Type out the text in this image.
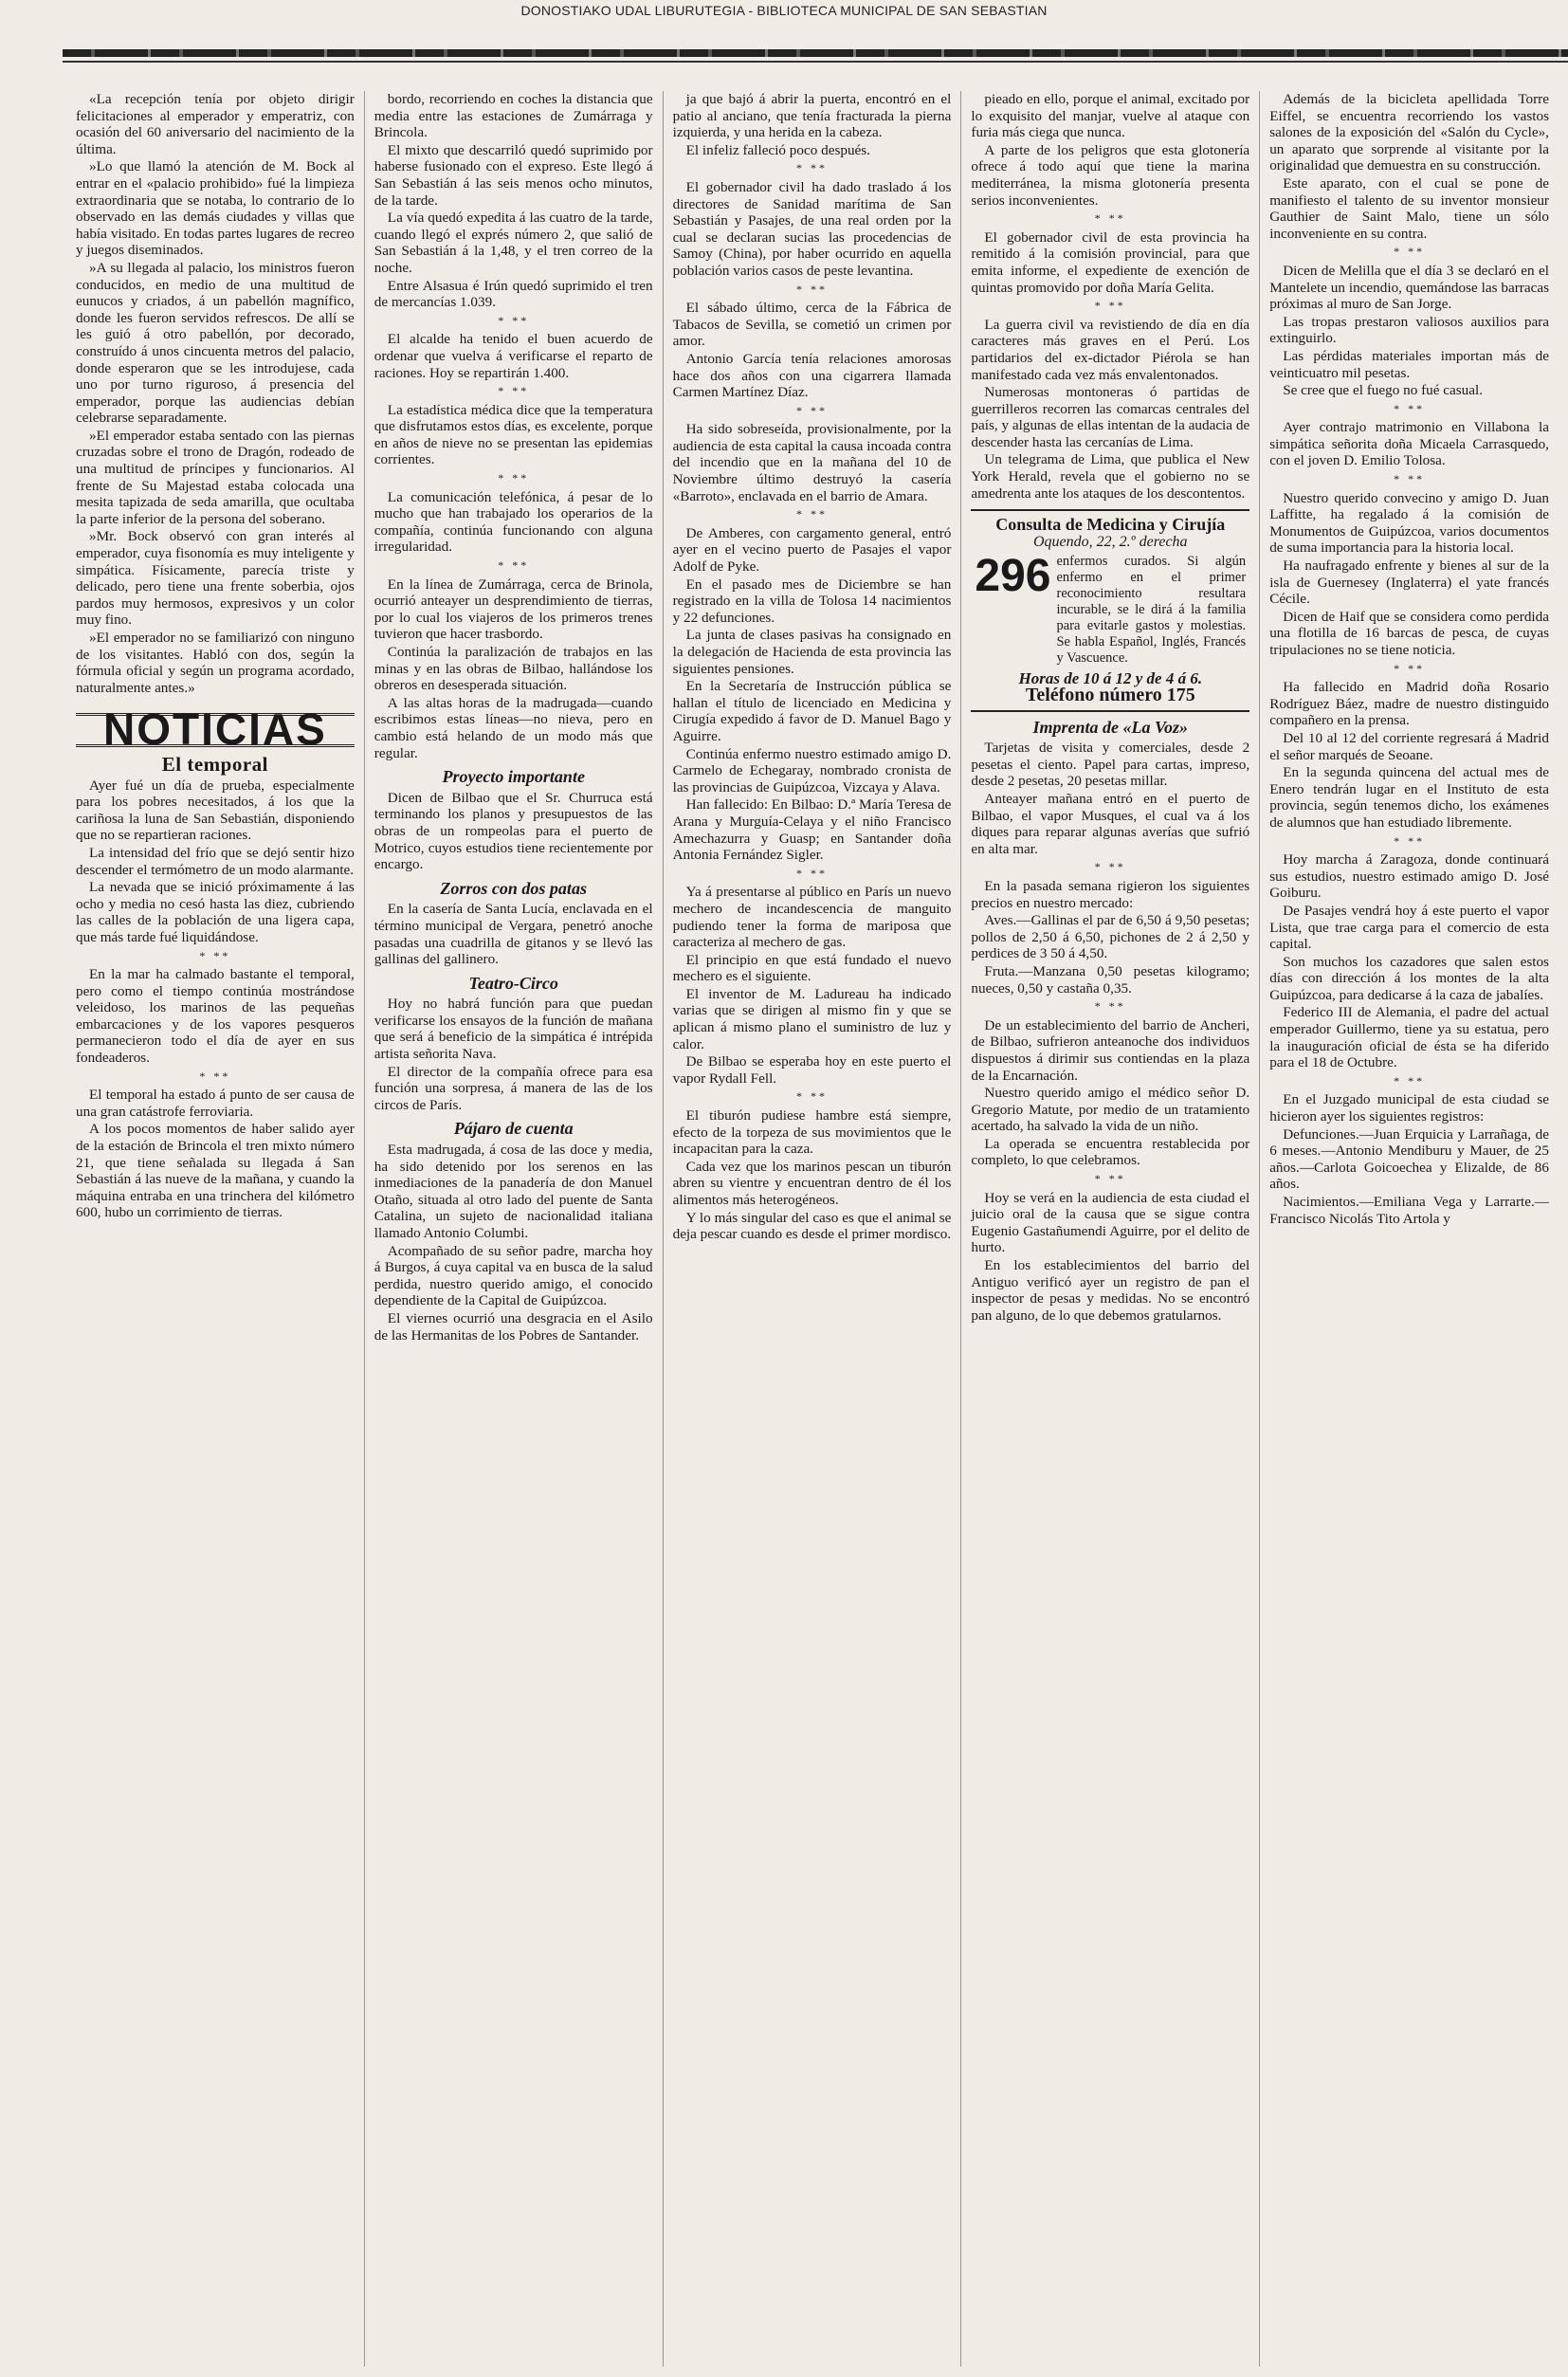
DONOSTIAKO UDAL LIBURUTEGIA - BIBLIOTECA MUNICIPAL DE SAN SEBASTIAN

«La recepción tenía por objeto dirigir felicitaciones al emperador y emperatriz, con ocasión del 60 aniversario del nacimiento de la última.

»Lo que llamó la atención de M. Bock al entrar en el «palacio prohibido» fué la limpieza extraordinaria que se notaba, lo contrario de lo observado en las demás ciudades y villas que había visitado. En todas partes lugares de recreo y juegos diseminados.

»A su llegada al palacio, los ministros fueron conducidos, en medio de una multitud de eunucos y criados, á un pabellón magnífico, donde les fueron servidos refrescos. De allí se les guió á otro pabellón, por decorado, construído á unos cincuenta metros del palacio, donde esperaron que se les introdujese, cada uno por turno riguroso, á presencia del emperador, porque las audiencias debían celebrarse separadamente.

»El emperador estaba sentado con las piernas cruzadas sobre el trono de Dragón, rodeado de una multitud de príncipes y funcionarios. Al frente de Su Majestad estaba colocada una mesita tapizada de seda amarilla, que ocultaba la parte inferior de la persona del soberano.

»Mr. Bock observó con gran interés al emperador, cuya fisonomía es muy inteligente y simpática. Físicamente, parecía triste y delicado, pero tiene una frente soberbia, ojos pardos muy hermosos, expresivos y un color muy fino.

»El emperador no se familiarizó con ninguno de los visitantes. Habló con dos, según la fórmula oficial y según un programa acordado, naturalmente antes.»

NOTICIAS
El temporal

Ayer fué un día de prueba, especialmente para los pobres necesitados, á los que la cariñosa la luna de San Sebastián, disponiendo que no se repartieran raciones.

La intensidad del frío que se dejó sentir hizo descender el termómetro de un modo alarmante.

La nevada que se inició próximamente á las ocho y media no cesó hasta las diez, cubriendo las calles de la población de una ligera capa, que más tarde fué liquidándose.

* **

En la mar ha calmado bastante el temporal, pero como el tiempo continúa mostrándose veleidoso, los marinos de las pequeñas embarcaciones y de los vapores pesqueros permanecieron todo el día de ayer en sus fondeaderos.

* **

El temporal ha estado á punto de ser causa de una gran catástrofe ferroviaria.

A los pocos momentos de haber salido ayer de la estación de Brincola el tren mixto número 21, que tiene señalada su llegada á San Sebastián á las nueve de la mañana, y cuando la máquina entraba en una trinchera del kilómetro 600, hubo un corrimiento de tierras.

bordo, recorriendo en coches la distancia que media entre las estaciones de Zumárraga y Brincola.

El mixto que descarriló quedó suprimido por haberse fusionado con el expreso. Este llegó á San Sebastián á las seis menos ocho minutos, de la tarde.

La vía quedó expedita á las cuatro de la tarde, cuando llegó el exprés número 2, que salió de San Sebastián á la 1,48, y el tren correo de la noche.

Entre Alsasua é Irún quedó suprimido el tren de mercancías 1.039.

* **

El alcalde ha tenido el buen acuerdo de ordenar que vuelva á verificarse el reparto de raciones. Hoy se repartirán 1.400.

* **

La estadística médica dice que la temperatura que disfrutamos estos días, es excelente, porque en años de nieve no se presentan las epidemias corrientes.

* **

La comunicación telefónica, á pesar de lo mucho que han trabajado los operarios de la compañía, continúa funcionando con alguna irregularidad.

* **

En la línea de Zumárraga, cerca de Brinola, ocurrió anteayer un desprendimiento de tierras, por lo cual los viajeros de los primeros trenes tuvieron que hacer trasbordo.

Continúa la paralización de trabajos en las minas y en las obras de Bilbao, hallándose los obreros en desesperada situación.

A las altas horas de la madrugada—cuando escribimos estas líneas—no nieva, pero en cambio está helando de un modo más que regular.

Proyecto importante

Dicen de Bilbao que el Sr. Churruca está terminando los planos y presupuestos de las obras de un rompeolas para el puerto de Motrico, cuyos estudios tiene recientemente por encargo.

Zorros con dos patas

En la casería de Santa Lucía, enclavada en el término municipal de Vergara, penetró anoche pasadas una cuadrilla de gitanos y se llevó las gallinas del gallinero.

Teatro-Circo

Hoy no habrá función para que puedan verificarse los ensayos de la función de mañana que será á beneficio de la simpática é intrépida artista señorita Nava.

El director de la compañía ofrece para esa función una sorpresa, á manera de las de los circos de París.

Pájaro de cuenta

Esta madrugada, á cosa de las doce y media, ha sido detenido por los serenos en las inmediaciones de la panadería de don Manuel Otaño, situada al otro lado del puente de Santa Catalina, un sujeto de nacionalidad italiana llamado Antonio Columbi.

Acompañado de su señor padre, marcha hoy á Burgos, á cuya capital va en busca de la salud perdida, nuestro querido amigo, el conocido dependiente de la Capital de Guipúzcoa.

El viernes ocurrió una desgracia en el Asilo de las Hermanitas de los Pobres de Santander.

ja que bajó á abrir la puerta, encontró en el patio al anciano, que tenía fracturada la pierna izquierda, y una herida en la cabeza.

El infeliz falleció poco después.

* **

El gobernador civil ha dado traslado á los directores de Sanidad marítima de San Sebastián y Pasajes, de una real orden por la cual se declaran sucias las procedencias de Samoy (China), por haber ocurrido en aquella población varios casos de peste levantina.

* **

El sábado último, cerca de la Fábrica de Tabacos de Sevilla, se cometió un crimen por amor.

Antonio García tenía relaciones amorosas hace dos años con una cigarrera llamada Carmen Martínez Díaz.

* **

Ha sido sobreseída, provisionalmente, por la audiencia de esta capital la causa incoada contra del incendio que en la mañana del 10 de Noviembre último destruyó la casería «Barroto», enclavada en el barrio de Amara.

* **

De Amberes, con cargamento general, entró ayer en el vecino puerto de Pasajes el vapor Adolf de Pyke.

En el pasado mes de Diciembre se han registrado en la villa de Tolosa 14 nacimientos y 22 defunciones.

La junta de clases pasivas ha consignado en la delegación de Hacienda de esta provincia las siguientes pensiones.

En la Secretaría de Instrucción pública se hallan el título de licenciado en Medicina y Cirugía expedido á favor de D. Manuel Bago y Aguirre.

Continúa enfermo nuestro estimado amigo D. Carmelo de Echegaray, nombrado cronista de las provincias de Guipúzcoa, Vizcaya y Alava.

Han fallecido: En Bilbao: D.ª María Teresa de Arana y Murguía-Celaya y el niño Francisco Amechazurra y Guasp; en Santander doña Antonia Fernández Sigler.

* **

Ya á presentarse al público en París un nuevo mechero de incandescencia de manguito pudiendo tener la forma de mariposa que caracteriza al mechero de gas.

El principio en que está fundado el nuevo mechero es el siguiente.

El inventor de M. Ladureau ha indicado varias que se dirigen al mismo fin y que se aplican á mismo plano el suministro de luz y calor.

De Bilbao se esperaba hoy en este puerto el vapor Rydall Fell.

* **

El tiburón pudiese hambre está siempre, efecto de la torpeza de sus movimientos que le incapacitan para la caza.

Cada vez que los marinos pescan un tiburón abren su vientre y encuentran dentro de él los alimentos más heterogéneos.

Y lo más singular del caso es que el animal se deja pescar cuando es desde el primer mordisco.

pieado en ello, porque el animal, excitado por lo exquisito del manjar, vuelve al ataque con furia más ciega que nunca.

A parte de los peligros que esta glotonería ofrece á todo aquí que tiene la marina mediterránea, la misma glotonería presenta serios inconvenientes.

* **

El gobernador civil de esta provincia ha remitido á la comisión provincial, para que emita informe, el expediente de exención de quintas promovido por doña María Gelita.

* **

La guerra civil va revistiendo de día en día caracteres más graves en el Perú. Los partidarios del ex-dictador Piérola se han manifestado cada vez más envalentonados.

Numerosas montoneras ó partidas de guerrilleros recorren las comarcas centrales del país, y algunas de ellas intentan de la audacia de descender hasta las cercanías de Lima.

Un telegrama de Lima, que publica el New York Herald, revela que el gobierno no se amedrenta ante los ataques de los descontentos.

Consulta de Medicina y Cirujía
Oquendo, 22, 2.º derecha
296 enfermos curados. Si algún enfermo en el primer reconocimiento resultara incurable, se le dirá á la familia para evitarle gastos y molestias. Se habla Español, Inglés, Francés y Vascuence.
Horas de 10 á 12 y de 4 á 6.
Teléfono número 175
Imprenta de «La Voz»

Tarjetas de visita y comerciales, desde 2 pesetas el ciento. Papel para cartas, impreso, desde 2 pesetas, 20 pesetas millar.

Anteayer mañana entró en el puerto de Bilbao, el vapor Musques, el cual va á los diques para reparar algunas averías que sufrió en alta mar.

* **

En la pasada semana rigieron los siguientes precios en nuestro mercado:

Aves.—Gallinas el par de 6,50 á 9,50 pesetas; pollos de 2,50 á 6,50, pichones de 2 á 2,50 y perdices de 3 50 á 4,50.

Fruta.—Manzana 0,50 pesetas kilogramo; nueces, 0,50 y castaña 0,35.

* **

De un establecimiento del barrio de Ancheri, de Bilbao, sufrieron anteanoche dos individuos dispuestos á dirimir sus contiendas en la plaza de la Encarnación.

Nuestro querido amigo el médico señor D. Gregorio Matute, por medio de un tratamiento acertado, ha salvado la vida de un niño.

La operada se encuentra restablecida por completo, lo que celebramos.

* **

Hoy se verá en la audiencia de esta ciudad el juicio oral de la causa que se sigue contra Eugenio Gastañumendi Aguirre, por el delito de hurto.

En los establecimientos del barrio del Antiguo verificó ayer un registro de pan el inspector de pesas y medidas. No se encontró pan alguno, de lo que debemos gratularnos.

Además de la bicicleta apellidada Torre Eiffel, se encuentra recorriendo los vastos salones de la exposición del «Salón du Cycle», un aparato que sorprende al visitante por la originalidad que demuestra en su construcción.

Este aparato, con el cual se pone de manifiesto el talento de su inventor monsieur Gauthier de Saint Malo, tiene un sólo inconveniente en su contra.

* **

Dicen de Melilla que el día 3 se declaró en el Mantelete un incendio, quemándose las barracas próximas al muro de San Jorge.

Las tropas prestaron valiosos auxilios para extinguirlo.

Las pérdidas materiales importan más de veinticuatro mil pesetas.

Se cree que el fuego no fué casual.

* **

Ayer contrajo matrimonio en Villabona la simpática señorita doña Micaela Carrasquedo, con el joven D. Emilio Tolosa.

* **

Nuestro querido convecino y amigo D. Juan Laffitte, ha regalado á la comisión de Monumentos de Guipúzcoa, varios documentos de suma importancia para la historia local.

Ha naufragado enfrente y bienes al sur de la isla de Guernesey (Inglaterra) el yate francés Cécile.

Dicen de Haif que se considera como perdida una flotilla de 16 barcas de pesca, de cuyas tripulaciones no se tiene noticia.

* **

Ha fallecido en Madrid doña Rosario Rodríguez Báez, madre de nuestro distinguido compañero en la prensa.

Del 10 al 12 del corriente regresará á Madrid el señor marqués de Seoane.

En la segunda quincena del actual mes de Enero tendrán lugar en el Instituto de esta provincia, según tenemos dicho, los exámenes de alumnos que han estudiado libremente.

* **

Hoy marcha á Zaragoza, donde continuará sus estudios, nuestro estimado amigo D. José Goiburu.

De Pasajes vendrá hoy á este puerto el vapor Lista, que trae carga para el comercio de esta capital.

Son muchos los cazadores que salen estos días con dirección á los montes de la alta Guipúzcoa, para dedicarse á la caza de jabalíes.

Federico III de Alemania, el padre del actual emperador Guillermo, tiene ya su estatua, pero la inauguración oficial de ésta se ha diferido para el 18 de Octubre.

* **

En el Juzgado municipal de esta ciudad se hicieron ayer los siguientes registros:

Defunciones.—Juan Erquicia y Larrañaga, de 6 meses.—Antonio Mendiburu y Mauer, de 25 años.—Carlota Goicoechea y Elizalde, de 86 años.

Nacimientos.—Emiliana Vega y Larrarte.—Francisco Nicolás Tito Artola y
